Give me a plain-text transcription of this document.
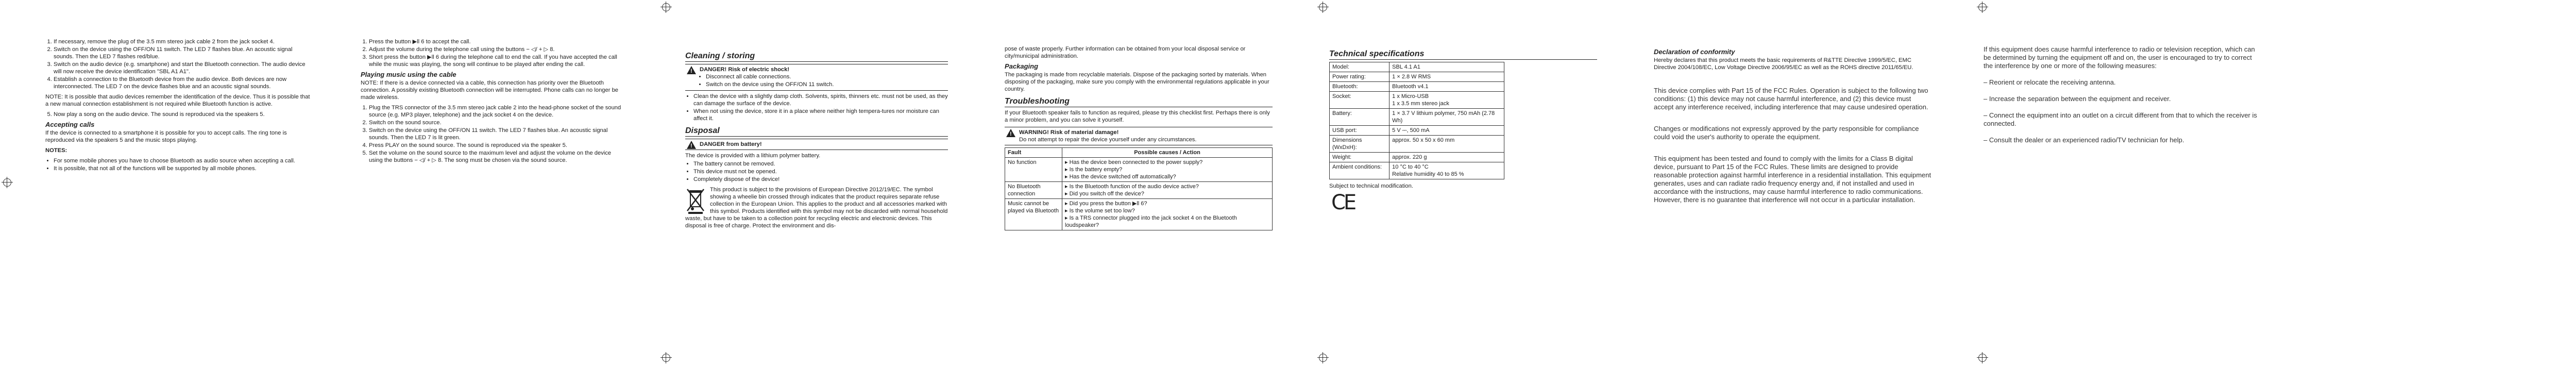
1. If necessary, remove the plug of the 3.5 mm stereo jack cable 2 from the jack socket 4.
2. Switch on the device using the OFF/ON 11 switch. The LED 7 flashes blue. An acoustic signal sounds. Then the LED 7 flashes red/blue.
3. Switch on the audio device (e.g. smartphone) and start the Bluetooth connection. The audio device will now receive the device identification "SBL A1 A1".
4. Establish a connection to the Bluetooth device from the audio device. Both devices are now interconnected. The LED 7 on the device flashes blue and an acoustic signal sounds.

NOTE: It is possible that audio devices remember the identification of the device. Thus it is possible that a new manual connection establishment is not required while Bluetooth function is active.

5. Now play a song on the audio device. The sound is reproduced via the speakers 5.
Accepting calls

If the device is connected to a smartphone it is possible for you to accept calls. The ring tone is reproduced via the speakers 5 and the music stops playing.

NOTES:

• For some mobile phones you have to choose Bluetooth as audio source when accepting a call.
• It is possible, that not all of the functions will be supported by all mobile phones.
1. Press the button ▶ll 6 to accept the call.
2. Adjust the volume during the telephone call using the buttons − ◁/ + ▷ 8.
3. Short press the button ▶ll 6 during the telephone call to end the call. If you have accepted the call while the music was playing, the song will continue to be played after ending the call.
Playing music using the cable

NOTE: If there is a device connected via a cable, this connection has priority over the Bluetooth connection. A possibly existing Bluetooth connection will be interrupted. Phone calls can no longer be made wireless.

1. Plug the TRS connector of the 3.5 mm stereo jack cable 2 into the head-phone socket of the sound source (e.g. MP3 player, telephone) and the jack socket 4 on the device.
2. Switch on the sound source.
3. Switch on the device using the OFF/ON 11 switch. The LED 7 flashes blue. An acoustic signal sounds. Then the LED 7 is lit green.
4. Press PLAY on the sound source. The sound is reproduced via the speaker 5.
5. Set the volume on the sound source to the maximum level and adjust the volume on the device using the buttons − ◁/ + ▷ 8. The song must be chosen via the sound source.
Cleaning / storing
!
DANGER! Risk of electric shock!
• Disconnect all cable connections.
• Switch on the device using the OFF/ON 11 switch.
• Clean the device with a slightly damp cloth. Solvents, spirits, thinners etc. must not be used, as they can damage the surface of the device.
• When not using the device, store it in a place where neither high tempera-tures nor moisture can affect it.
Disposal
!
DANGER from battery!

The device is provided with a lithium polymer battery.

• The battery cannot be removed.
• This device must not be opened.
• Completely dispose of the device!

This product is subject to the provisions of European Directive 2012/19/EC. The symbol showing a wheelie bin crossed through indicates that the product requires separate refuse collection in the European Union. This applies to the product and all accessories marked with this symbol. Products identified with this symbol may not be discarded with normal household waste, but have to be taken to a collection point for recycling electric and electronic devices. This disposal is free of charge. Protect the environment and dis-

pose of waste properly. Further information can be obtained from your local disposal service or city/municipal administration.

Packaging

The packaging is made from recyclable materials. Dispose of the packaging sorted by materials. When disposing of the packaging, make sure you comply with the environmental regulations applicable in your country.

Troubleshooting

If your Bluetooth speaker fails to function as required, please try this checklist first. Perhaps there is only a minor problem, and you can solve it yourself.

!
WARNING! Risk of material damage!
Do not attempt to repair the device yourself under any circumstances.
Fault	Possible causes / Action
No function	▸ Has the device been connected to the power supply?
▸ Is the battery empty?
▸ Has the device switched off automatically?

No Bluetooth connection	▸ Is the Bluetooth function of the audio device active?
▸ Did you switch off the device?

Music cannot be played via Bluetooth	▸ Did you press the button ▶ll 6?
▸ Is the volume set too low?
▸ Is a TRS connector plugged into the jack socket 4 on the Bluetooth loudspeaker?
Technical specifications
Model:	SBL 4.1 A1
Power rating:	1 × 2.8 W RMS
Bluetooth:	Bluetooth v4.1
Socket:	1 x Micro-USB
1 x 3.5 mm stereo jack
Battery:	1 × 3.7 V lithium polymer, 750 mAh (2.78 Wh)
USB port:	5 V ⎓, 500 mA
Dimensions (WxDxH):	approx. 50 x 50 x 60 mm
Weight:	approx. 220 g
Ambient conditions:	10 °C to 40 °C
Relative humidity 40 to 85 %

Subject to technical modification.

CE
Declaration of conformity

Hereby declares that this product meets the basic requirements of R&TTE Directive 1999/5/EC, EMC Directive 2004/108/EC, Low Voltage Directive 2006/95/EC as well as the ROHS directive 2011/65/EU.

This device complies with Part 15 of the FCC Rules. Operation is subject to the following two conditions: (1) this device may not cause harmful interference, and (2) this device must accept any interference received, including interference that may cause undesired operation.

Changes or modifications not expressly approved by the party responsible for compliance could void the user's authority to operate the equipment.

This equipment has been tested and found to comply with the limits for a Class B digital device, pursuant to Part 15 of the FCC Rules. These limits are designed to provide reasonable protection against harmful interference in a residential installation. This equipment generates, uses and can radiate radio frequency energy and, if not installed and used in accordance with the instructions, may cause harmful interference to radio communications. However, there is no guarantee that interference will not occur in a particular installation.

If this equipment does cause harmful interference to radio or television reception, which can be determined by turning the equipment off and on, the user is encouraged to try to correct the interference by one or more of the following measures:

– Reorient or relocate the receiving antenna.

– Increase the separation between the equipment and receiver.

– Connect the equipment into an outlet on a circuit different from that to which the receiver is connected.

– Consult the dealer or an experienced radio/TV technician for help.
